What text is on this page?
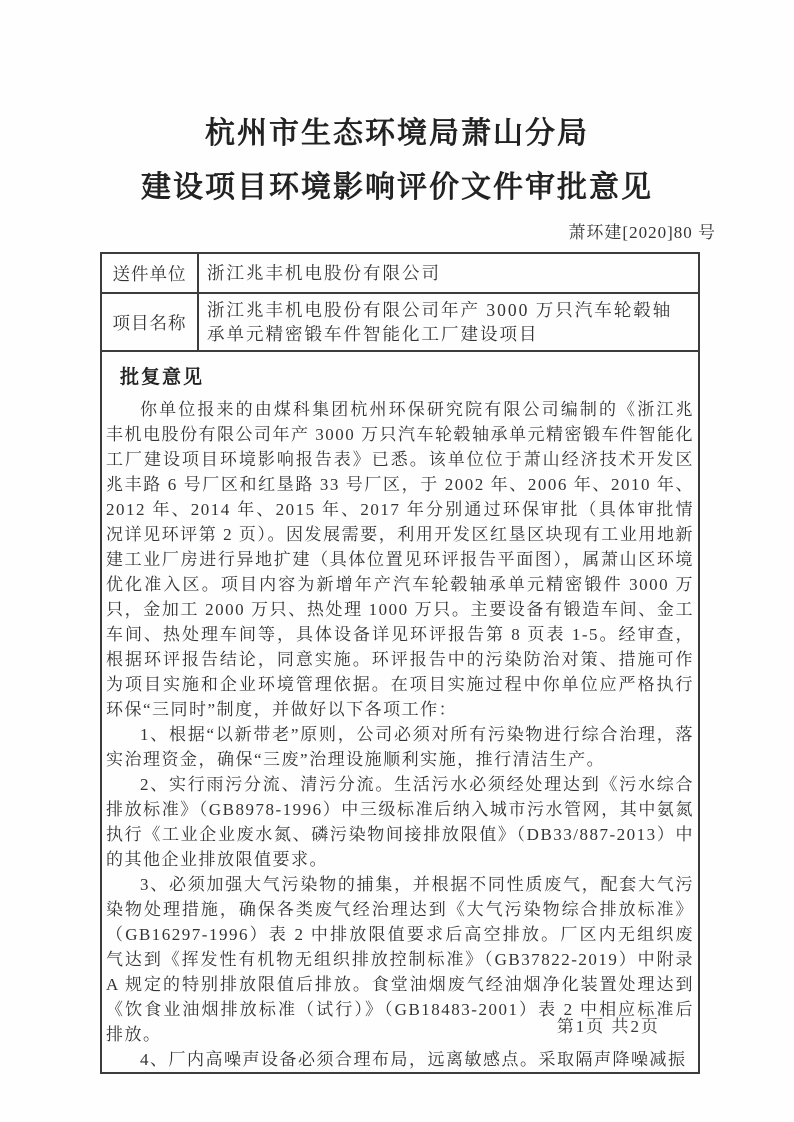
杭州市生态环境局萧山分局
建设项目环境影响评价文件审批意见
萧环建[2020]80 号
送件单位	浙江兆丰机电股份有限公司
项目名称	浙江兆丰机电股份有限公司年产 3000 万只汽车轮毂轴承单元精密锻车件智能化工厂建设项目

批复意见

你单位报来的由煤科集团杭州环保研究院有限公司编制的《浙江兆丰机电股份有限公司年产 3000 万只汽车轮毂轴承单元精密锻车件智能化工厂建设项目环境影响报告表》已悉。该单位位于萧山经济技术开发区兆丰路 6 号厂区和红垦路 33 号厂区，于 2002 年、2006 年、2010 年、2012 年、2014 年、2015 年、2017 年分别通过环保审批（具体审批情况详见环评第 2 页）。因发展需要，利用开发区红垦区块现有工业用地新建工业厂房进行异地扩建（具体位置见环评报告平面图），属萧山区环境优化准入区。项目内容为新增年产汽车轮毂轴承单元精密锻件 3000 万只，金加工 2000 万只、热处理 1000 万只。主要设备有锻造车间、金工车间、热处理车间等，具体设备详见环评报告第 8 页表 1-5。经审查，根据环评报告结论，同意实施。环评报告中的污染防治对策、措施可作为项目实施和企业环境管理依据。在项目实施过程中你单位应严格执行环保“三同时”制度，并做好以下各项工作：

1、根据“以新带老”原则，公司必须对所有污染物进行综合治理，落实治理资金，确保“三废”治理设施顺利实施，推行清洁生产。

2、实行雨污分流、清污分流。生活污水必须经处理达到《污水综合排放标准》（GB8978-1996）中三级标准后纳入城市污水管网，其中氨氮执行《工业企业废水氮、磷污染物间接排放限值》（DB33/887-2013）中的其他企业排放限值要求。

3、必须加强大气污染物的捕集，并根据不同性质废气，配套大气污染物处理措施，确保各类废气经治理达到《大气污染物综合排放标准》（GB16297-1996）表 2 中排放限值要求后高空排放。厂区内无组织废气达到《挥发性有机物无组织排放控制标准》（GB37822-2019）中附录 A 规定的特别排放限值后排放。食堂油烟废气经油烟净化装置处理达到《饮食业油烟排放标准（试行）》（GB18483-2001）表 2 中相应标准后排放。

4、厂内高噪声设备必须合理布局，远离敏感点。采取隔声降噪减振

第1页 共2页
